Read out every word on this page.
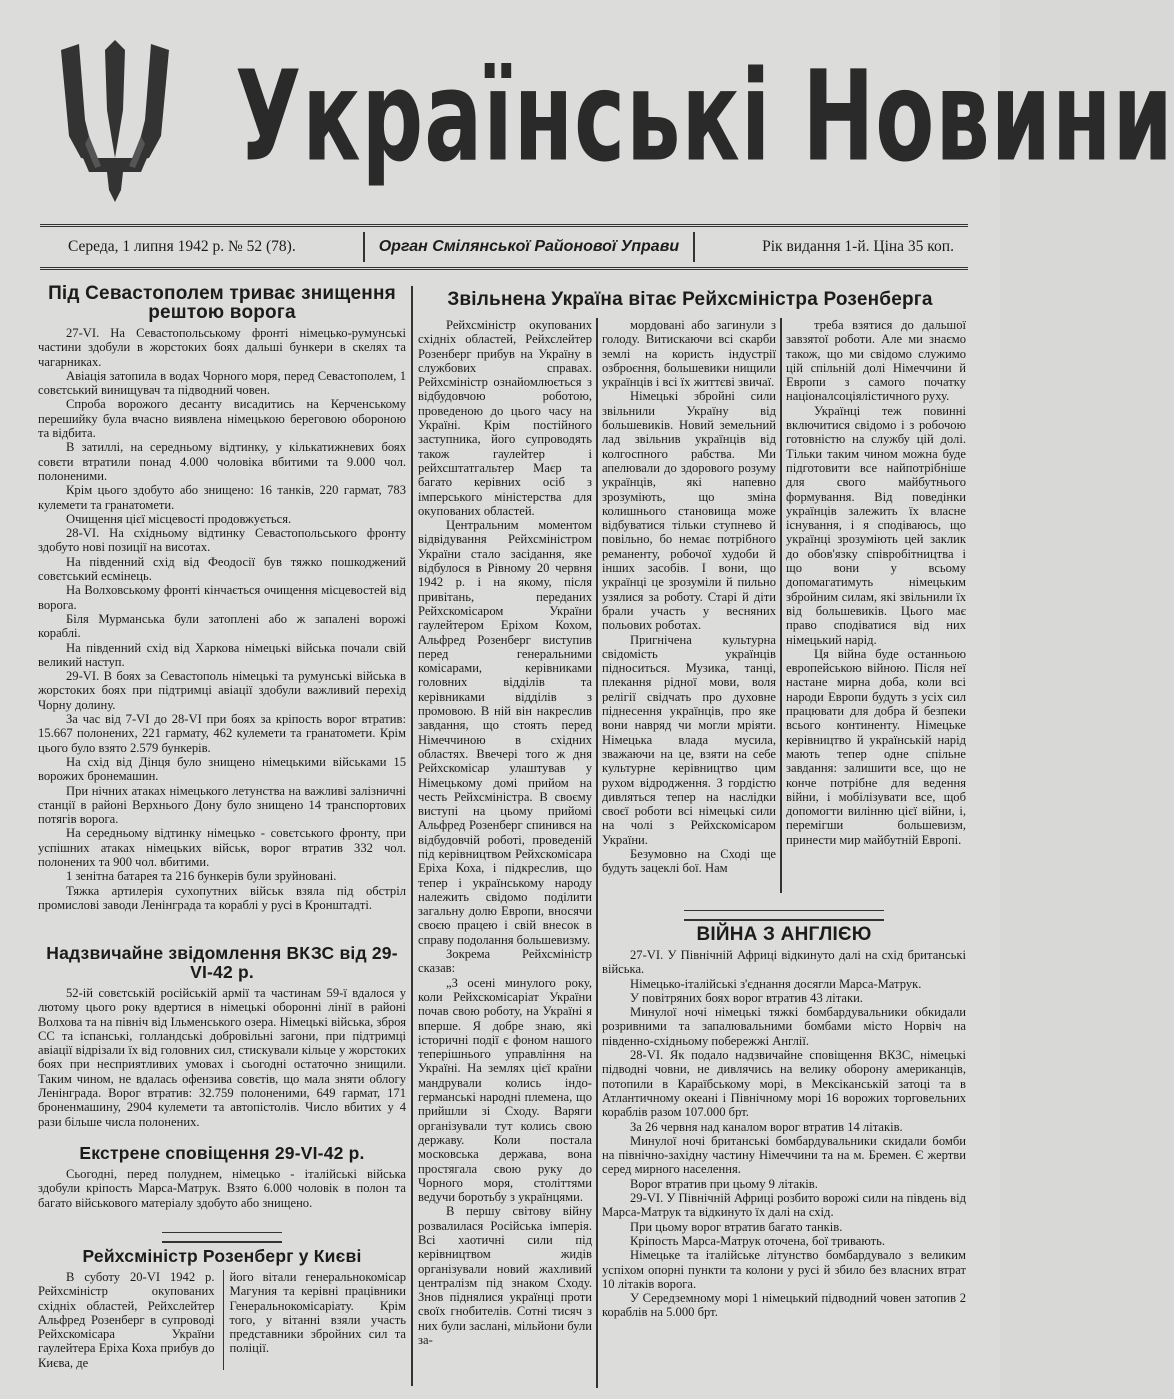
Українські Новини
Середа, 1 липня 1942 р. № 52 (78).	Орган Смілянської Районової Управи	Рік видання 1-й. Ціна 35 коп.
Під Севастополем триває знищення рештою ворога

27-VI. На Севастопольському фронті німецько-румунські частини здобули в жорстоких боях дальші бункери в скелях та чагарниках.

Авіація затопила в водах Чорного моря, перед Севастополем, 1 совєтський винищувач та підводний човен.

Спроба ворожого десанту висадитись на Керченському перешийку була вчасно виявлена німецькою береговою обороною та відбита.

В затиллі, на середньому відтинку, у кількатижневих боях совєти втратили понад 4.000 чоловіка вбитими та 9.000 чол. полоненими.

Крім цього здобуто або знищено: 16 танків, 220 гармат, 783 кулемети та гранатомети.

Очищення цієї місцевості продовжується.

28-VI. На східньому відтинку Севастопольського фронту здобуто нові позиції на висотах.

На південний схід від Феодосії був тяжко пошкоджений совєтський есмінець.

На Волховському фронті кінчається очищення місцевостей від ворога.

Біля Мурманська були затоплені або ж запалені ворожі кораблі.

На південний схід від Харкова німецькі війська почали свій великий наступ.

29-VI. В боях за Севастополь німецькі та румунські війська в жорстоких боях при підтримці авіації здобули важливий перехід Чорну долину.

За час від 7-VI до 28-VI при боях за кріпость ворог втратив: 15.667 полонених, 221 гармату, 462 кулемети та гранатомети. Крім цього було взято 2.579 бункерів.

На схід від Дінця було знищено німецькими військами 15 ворожих бронемашин.

При нічних атаках німецького летунства на важливі залізничні станції в районі Верхнього Дону було знищено 14 транспортових потягів ворога.

На середньому відтинку німецько - совєтського фронту, при успішних атаках німецьких військ, ворог втратив 332 чол. полонених та 900 чол. вбитими.

1 зенітна батарея та 216 бункерів були зруйновані.

Тяжка артилерія сухопутних військ взяла під обстріл промислові заводи Ленінграда та кораблі у русі в Кронштадті.

Надзвичайне звідомлення ВКЗС від 29-VI-42 р.

52-ій совєтській російській армії та частинам 59-ї вдалося у лютому цього року вдертися в німецькі оборонні лінії в районі Волхова та на північ від Ільменського озера. Німецькі війська, зброя СС та іспанські, голландські добровільні загони, при підтримці авіації відрізали їх від головних сил, стискували кільце у жорстоких боях при несприятливих умовах і сьогодні остаточно знищили. Таким чином, не вдалась офензива совєтів, що мала зняти облогу Ленінграда. Ворог втратив: 32.759 полоненими, 649 гармат, 171 броненмашину, 2904 кулемети та автопістолів. Число вбитих у 4 рази більше числа полонених.

Екстрене сповіщення 29-VI-42 р.

Сьогодні, перед полуднем, німецько - італійські війська здобули кріпость Марса-Матрук. Взято 6.000 чоловік в полон та багато військового матеріалу здобуто або знищено.

Рейхсміністр Розенберг у Києві

В суботу 20-VI 1942 р. Рейхсміністр окупованих східніх областей, Рейхслейтер Альфред Розенберг в супроводі Рейхскомісара України гаулейтера Еріха Коха прибув до Києва, де

його вітали генеральнокомісар Магуния та керівні працівники Генеральнокомісаріату. Крім того, у вітанні взяли участь представники збройних сил та поліції.

Звільнена Україна вітає Рейхсміністра Розенберга

Рейхсміністр окупованих східніх областей, Рейхслейтер Розенберг прибув на Україну в службових справах. Рейхсміністр ознайомлюється з відбудовчою роботою, проведеною до цього часу на Україні. Крім постійного заступника, його супроводять також гаулейтер і рейхсштатгальтер Маєр та багато керівних осіб з імперського міністерства для окупованих областей.

Центральним моментом відвідування Рейхсміністром України стало засідання, яке відбулося в Рівному 20 червня 1942 р. і на якому, після привітань, переданих Рейхскомісаром України гаулейтером Еріхом Кохом, Альфред Розенберг виступив перед генеральними комісарами, керівниками головних відділів та керівниками відділів з промовою. В ній він накреслив завдання, що стоять перед Німеччиною в східних областях. Ввечері того ж дня Рейхскомісар улаштував у Німецькому домі прийом на честь Рейхсміністра. В своєму виступі на цьому прийомі Альфред Розенберг спинився на відбудовчій роботі, проведеній під керівництвом Рейхскомісара Еріха Коха, і підкреслив, що тепер і українському народу належить свідомо поділити загальну долю Европи, вносячи своєю працею і свій внесок в справу подолання большевизму.

Зокрема Рейхсміністр сказав:

„З осені минулого року, коли Рейхскомісаріат України почав свою роботу, на Україні я вперше. Я добре знаю, які історичні події є фоном нашого теперішнього управління на Україні. На землях цієї країни мандрували колись індо-германські народні племена, що прийшли зі Сходу. Варяги організували тут колись свою державу. Коли постала московська держава, вона простягала свою руку до Чорного моря, століттями ведучи боротьбу з українцями.

В першу світову війну розвалилася Російська імперія. Всі хаотичні сили під керівництвом жидів організували новий жахливий централізм під знаком Сходу. Знов піднялися українці проти своїх гнобителів. Сотні тисяч з них були заслані, мільйони були за-

мордовані або загинули з голоду. Витискаючи всі скарби землі на користь індустрії озброєння, большевики нищили українців і всі їх життєві звичаї.

Німецькі збройні сили звільнили Україну від большевиків. Новий земельний лад звільнив українців від колгоспного рабства. Ми апелювали до здорового розуму українців, які напевно зрозуміють, що зміна колишнього становища може відбуватися тільки ступнево й повільно, бо немає потрібного реманенту, робочої худоби й інших засобів. І вони, що українці це зрозуміли й пильно узялися за роботу. Старі й діти брали участь у весняних польових роботах.

Пригнічена культурна свідомість українців підноситься. Музика, танці, плекання рідної мови, воля релігії свідчать про духовне піднесення українців, про яке вони навряд чи могли мріяти. Німецька влада мусила, зважаючи на це, взяти на себе культурне керівництво цим рухом відродження. З гордістю дивляться тепер на наслідки своєї роботи всі німецькі сили на чолі з Рейхскомісаром України.

Безумовно на Сході ще будуть зацеклі бої. Нам

треба взятися до дальшої завзятої роботи. Але ми знаємо також, що ми свідомо служимо цій спільній долі Німеччини й Европи з самого початку націоналсоціялістичного руху.

Українці теж повинні включитися свідомо і з робочою готовністю на службу цій долі. Тільки таким чином можна буде підготовити все найпотрібніше для свого майбутнього формування. Від поведінки українців залежить їх власне існування, і я сподіваюсь, що українці зрозуміють цей заклик до обов'язку співробітництва і що вони у всьому допомагатимуть німецьким збройним силам, які звільнили їх від большевиків. Цього має право сподіватися від них німецький нарід.

Ця війна буде останньою европейською війною. Після неї настане мирна доба, коли всі народи Европи будуть з усіх сил працювати для добра й безпеки всього континенту. Німецьке керівництво й українській нарід мають тепер одне спільне завдання: залишити все, що не конче потрібне для ведення війни, і мобілізувати все, щоб допомогти вилінню цієї війни, і, перемігши большевизм, принести мир майбутній Европі.

ВІЙНА З АНГЛІЄЮ

27-VI. У Північній Африці відкинуто далі на схід британські війська.

Німецько-італійські з'єднання досягли Марса-Матрук.

У повітряних боях ворог втратив 43 літаки.

Минулої ночі німецькі тяжкі бомбардувальники обкидали розривними та запалювальними бомбами місто Норвіч на південно-східньому побережжі Англії.

28-VI. Як подало надзвичайне сповіщення ВКЗС, німецькі підводні човни, не дивлячись на велику оборону американців, потопили в Караїбському морі, в Мексіканській затоці та в Атлантичному океані і Північному морі 16 ворожих торговельних кораблів разом 107.000 брт.

За 26 червня над каналом ворог втратив 14 літаків.

Минулої ночі британські бомбардувальники скидали бомби на північно-західну частину Німеччини та на м. Бремен. Є жертви серед мирного населення.

Ворог втратив при цьому 9 літаків.

29-VI. У Північній Африці розбито ворожі сили на південь від Марса-Матрук та відкинуто їх далі на схід.

При цьому ворог втратив багато танків.

Кріпость Марса-Матрук оточена, бої тривають.

Німецьке та італійське літунство бомбардувало з великим успіхом опорні пункти та колони у русі й збило без власних втрат 10 літаків ворога.

У Середземному морі 1 німецький підводний човен затопив 2 кораблів на 5.000 брт.
